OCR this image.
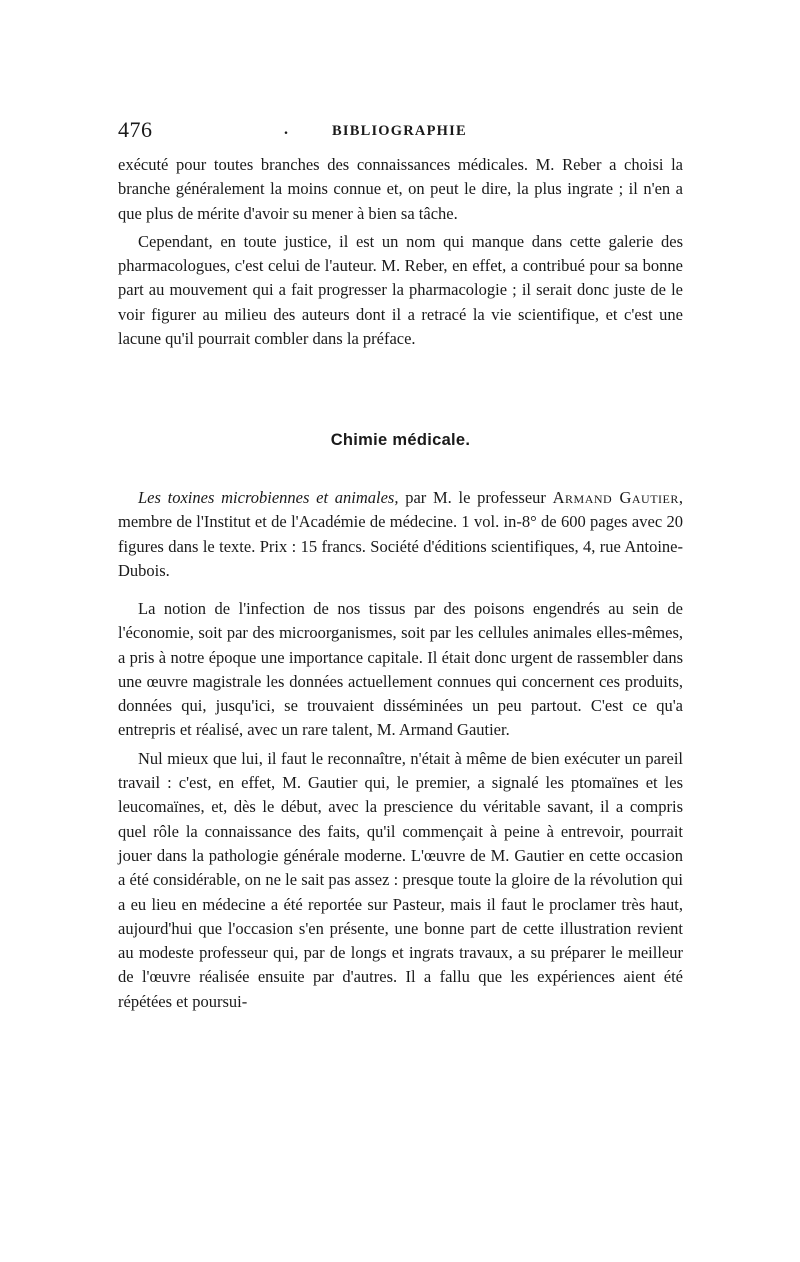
476	.	BIBLIOGRAPHIE

exécuté pour toutes branches des connaissances médicales. M. Reber a choisi la branche généralement la moins connue et, on peut le dire, la plus ingrate ; il n'en a que plus de mérite d'avoir su mener à bien sa tâche.

Cependant, en toute justice, il est un nom qui manque dans cette galerie des pharmacologues, c'est celui de l'auteur. M. Reber, en effet, a contribué pour sa bonne part au mouvement qui a fait progresser la pharmacologie ; il serait donc juste de le voir figurer au milieu des auteurs dont il a retracé la vie scientifique, et c'est une lacune qu'il pourrait combler dans la préface.

Chimie médicale.

Les toxines microbiennes et animales, par M. le professeur Armand Gautier, membre de l'Institut et de l'Académie de médecine. 1 vol. in-8° de 600 pages avec 20 figures dans le texte. Prix : 15 francs. Société d'éditions scientifiques, 4, rue Antoine-Dubois.

La notion de l'infection de nos tissus par des poisons engendrés au sein de l'économie, soit par des microorganismes, soit par les cellules animales elles-mêmes, a pris à notre époque une importance capitale. Il était donc urgent de rassembler dans une œuvre magistrale les données actuellement connues qui concernent ces produits, données qui, jusqu'ici, se trouvaient disséminées un peu partout. C'est ce qu'a entrepris et réalisé, avec un rare talent, M. Armand Gautier.

Nul mieux que lui, il faut le reconnaître, n'était à même de bien exécuter un pareil travail : c'est, en effet, M. Gautier qui, le premier, a signalé les ptomaïnes et les leucomaïnes, et, dès le début, avec la prescience du véritable savant, il a compris quel rôle la connaissance des faits, qu'il commençait à peine à entrevoir, pourrait jouer dans la pathologie générale moderne. L'œuvre de M. Gautier en cette occasion a été considérable, on ne le sait pas assez : presque toute la gloire de la révolution qui a eu lieu en médecine a été reportée sur Pasteur, mais il faut le proclamer très haut, aujourd'hui que l'occasion s'en présente, une bonne part de cette illustration revient au modeste professeur qui, par de longs et ingrats travaux, a su préparer le meilleur de l'œuvre réalisée ensuite par d'autres. Il a fallu que les expériences aient été répétées et poursui-
